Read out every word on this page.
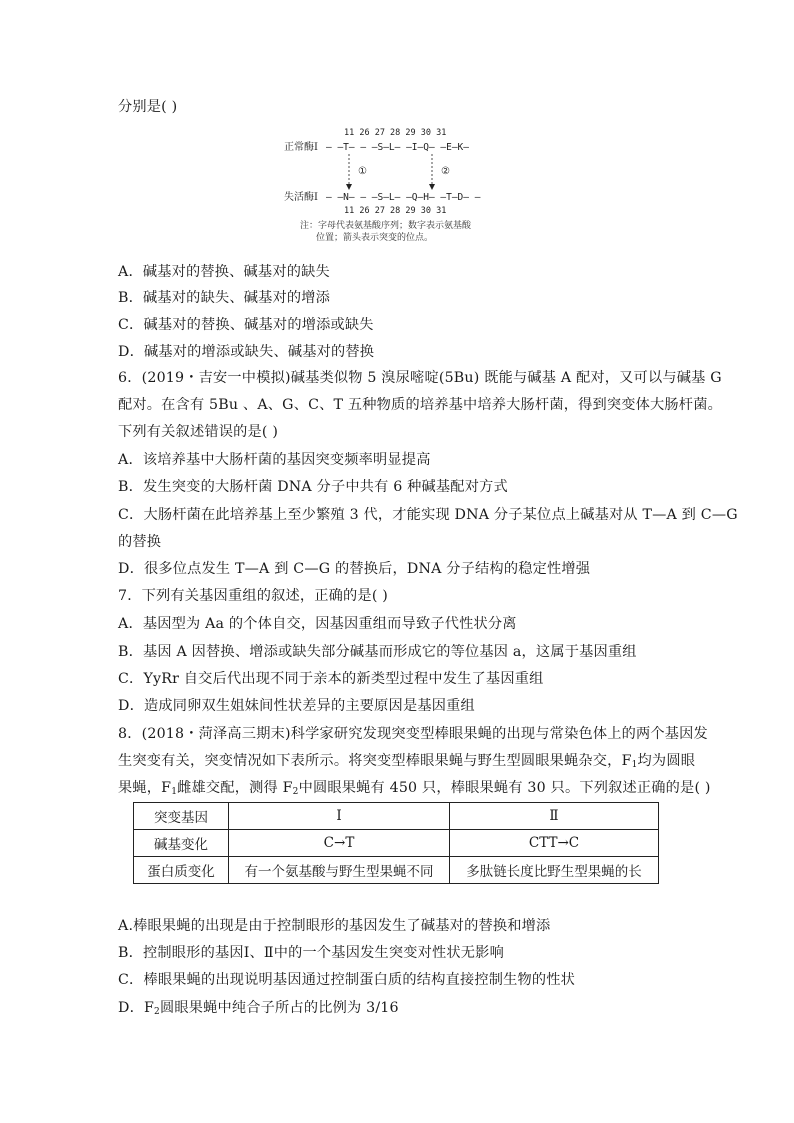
分别是( )
11 26 27 28 29 30 31
正常酶Ⅰ — —T— — —S—L— —I—Q— —E—K—
①	②
失活酶Ⅰ — —N— — —S—L— —Q—H— —T—D— —
11 26 27 28 29 30 31
注：字母代表氨基酸序列；数字表示氨基酸
位置；箭头表示突变的位点。
A．碱基对的替换、碱基对的缺失
B．碱基对的缺失、碱基对的增添
C．碱基对的替换、碱基对的增添或缺失
D．碱基对的增添或缺失、碱基对的替换
6．(2019・吉安一中模拟)碱基类似物 5 溴尿嘧啶(5Bu) 既能与碱基 A 配对，又可以与碱基 G
配对。在含有 5Bu 、A、G、C、T 五种物质的培养基中培养大肠杆菌，得到突变体大肠杆菌。
下列有关叙述错误的是( )
A．该培养基中大肠杆菌的基因突变频率明显提高
B．发生突变的大肠杆菌 DNA 分子中共有 6 种碱基配对方式
C．大肠杆菌在此培养基上至少繁殖 3 代，才能实现 DNA 分子某位点上碱基对从 T—A 到 C—G
的替换
D．很多位点发生 T—A 到 C—G 的替换后，DNA 分子结构的稳定性增强
7．下列有关基因重组的叙述，正确的是( )
A．基因型为 Aa 的个体自交，因基因重组而导致子代性状分离
B．基因 A 因替换、增添或缺失部分碱基而形成它的等位基因 a，这属于基因重组
C．YyRr 自交后代出现不同于亲本的新类型过程中发生了基因重组
D．造成同卵双生姐妹间性状差异的主要原因是基因重组
8．(2018・菏泽高三期末)科学家研究发现突变型棒眼果蝇的出现与常染色体上的两个基因发
生突变有关，突变情况如下表所示。将突变型棒眼果蝇与野生型圆眼果蝇杂交，$F_1$均为圆眼
果蝇，$F_1$雌雄交配，测得 $F_2$中圆眼果蝇有 450 只，棒眼果蝇有 30 只。下列叙述正确的是( )
突变基因	Ⅰ	Ⅱ
碱基变化	C→T	CTT→C
蛋白质变化	有一个氨基酸与野生型果蝇不同	多肽链长度比野生型果蝇的长
A.棒眼果蝇的出现是由于控制眼形的基因发生了碱基对的替换和增添
B．控制眼形的基因Ⅰ、Ⅱ中的一个基因发生突变对性状无影响
C．棒眼果蝇的出现说明基因通过控制蛋白质的结构直接控制生物的性状
D．$F_2$圆眼果蝇中纯合子所占的比例为 3/16
